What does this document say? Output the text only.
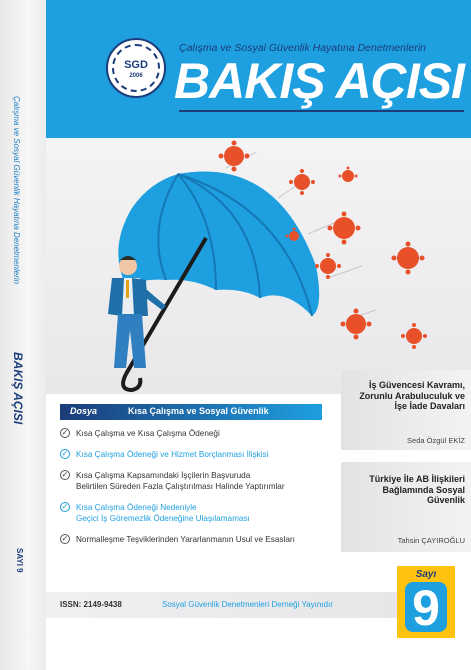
Çalışma ve Sosyal Güvenlik Hayatına Denetmenlerin
BAKIŞ AÇISI
SAYI 9
SGD
2006
Çalışma ve Sosyal Güvenlik Hayatına Denetmenlerin
BAKIŞ AÇISI
Dosya	Kısa Çalışma ve Sosyal Güvenlik
✓ Kısa Çalışma ve Kısa Çalışma Ödeneği
✓ Kısa Çalışma Ödeneği ve Hizmet Borçlanması İlişkisi
✓ Kısa Çalışma Kapsamındaki İşçilerin Başvuruda
Belirtilen Süreden Fazla Çalıştırılması Halinde Yaptırımlar
✓ Kısa Çalışma Ödeneği Nedeniyle
Geçici İş Göremezlik Ödeneğine Ulaşılamaması
✓ Normalleşme Teşviklerinden Yararlanmanın Usul ve Esasları
İş Güvencesi Kavramı, Zorunlu Arabuluculuk ve İşe İade Davaları
Seda Özgül EKİZ
Türkiye İle AB İlişkileri Bağlamında Sosyal Güvenlik
Tahsin ÇAYIROĞLU
ISSN: 2149-9438	Sosyal Güvenlik Denetmenleri Derneği Yayınıdır
Sayı
9
